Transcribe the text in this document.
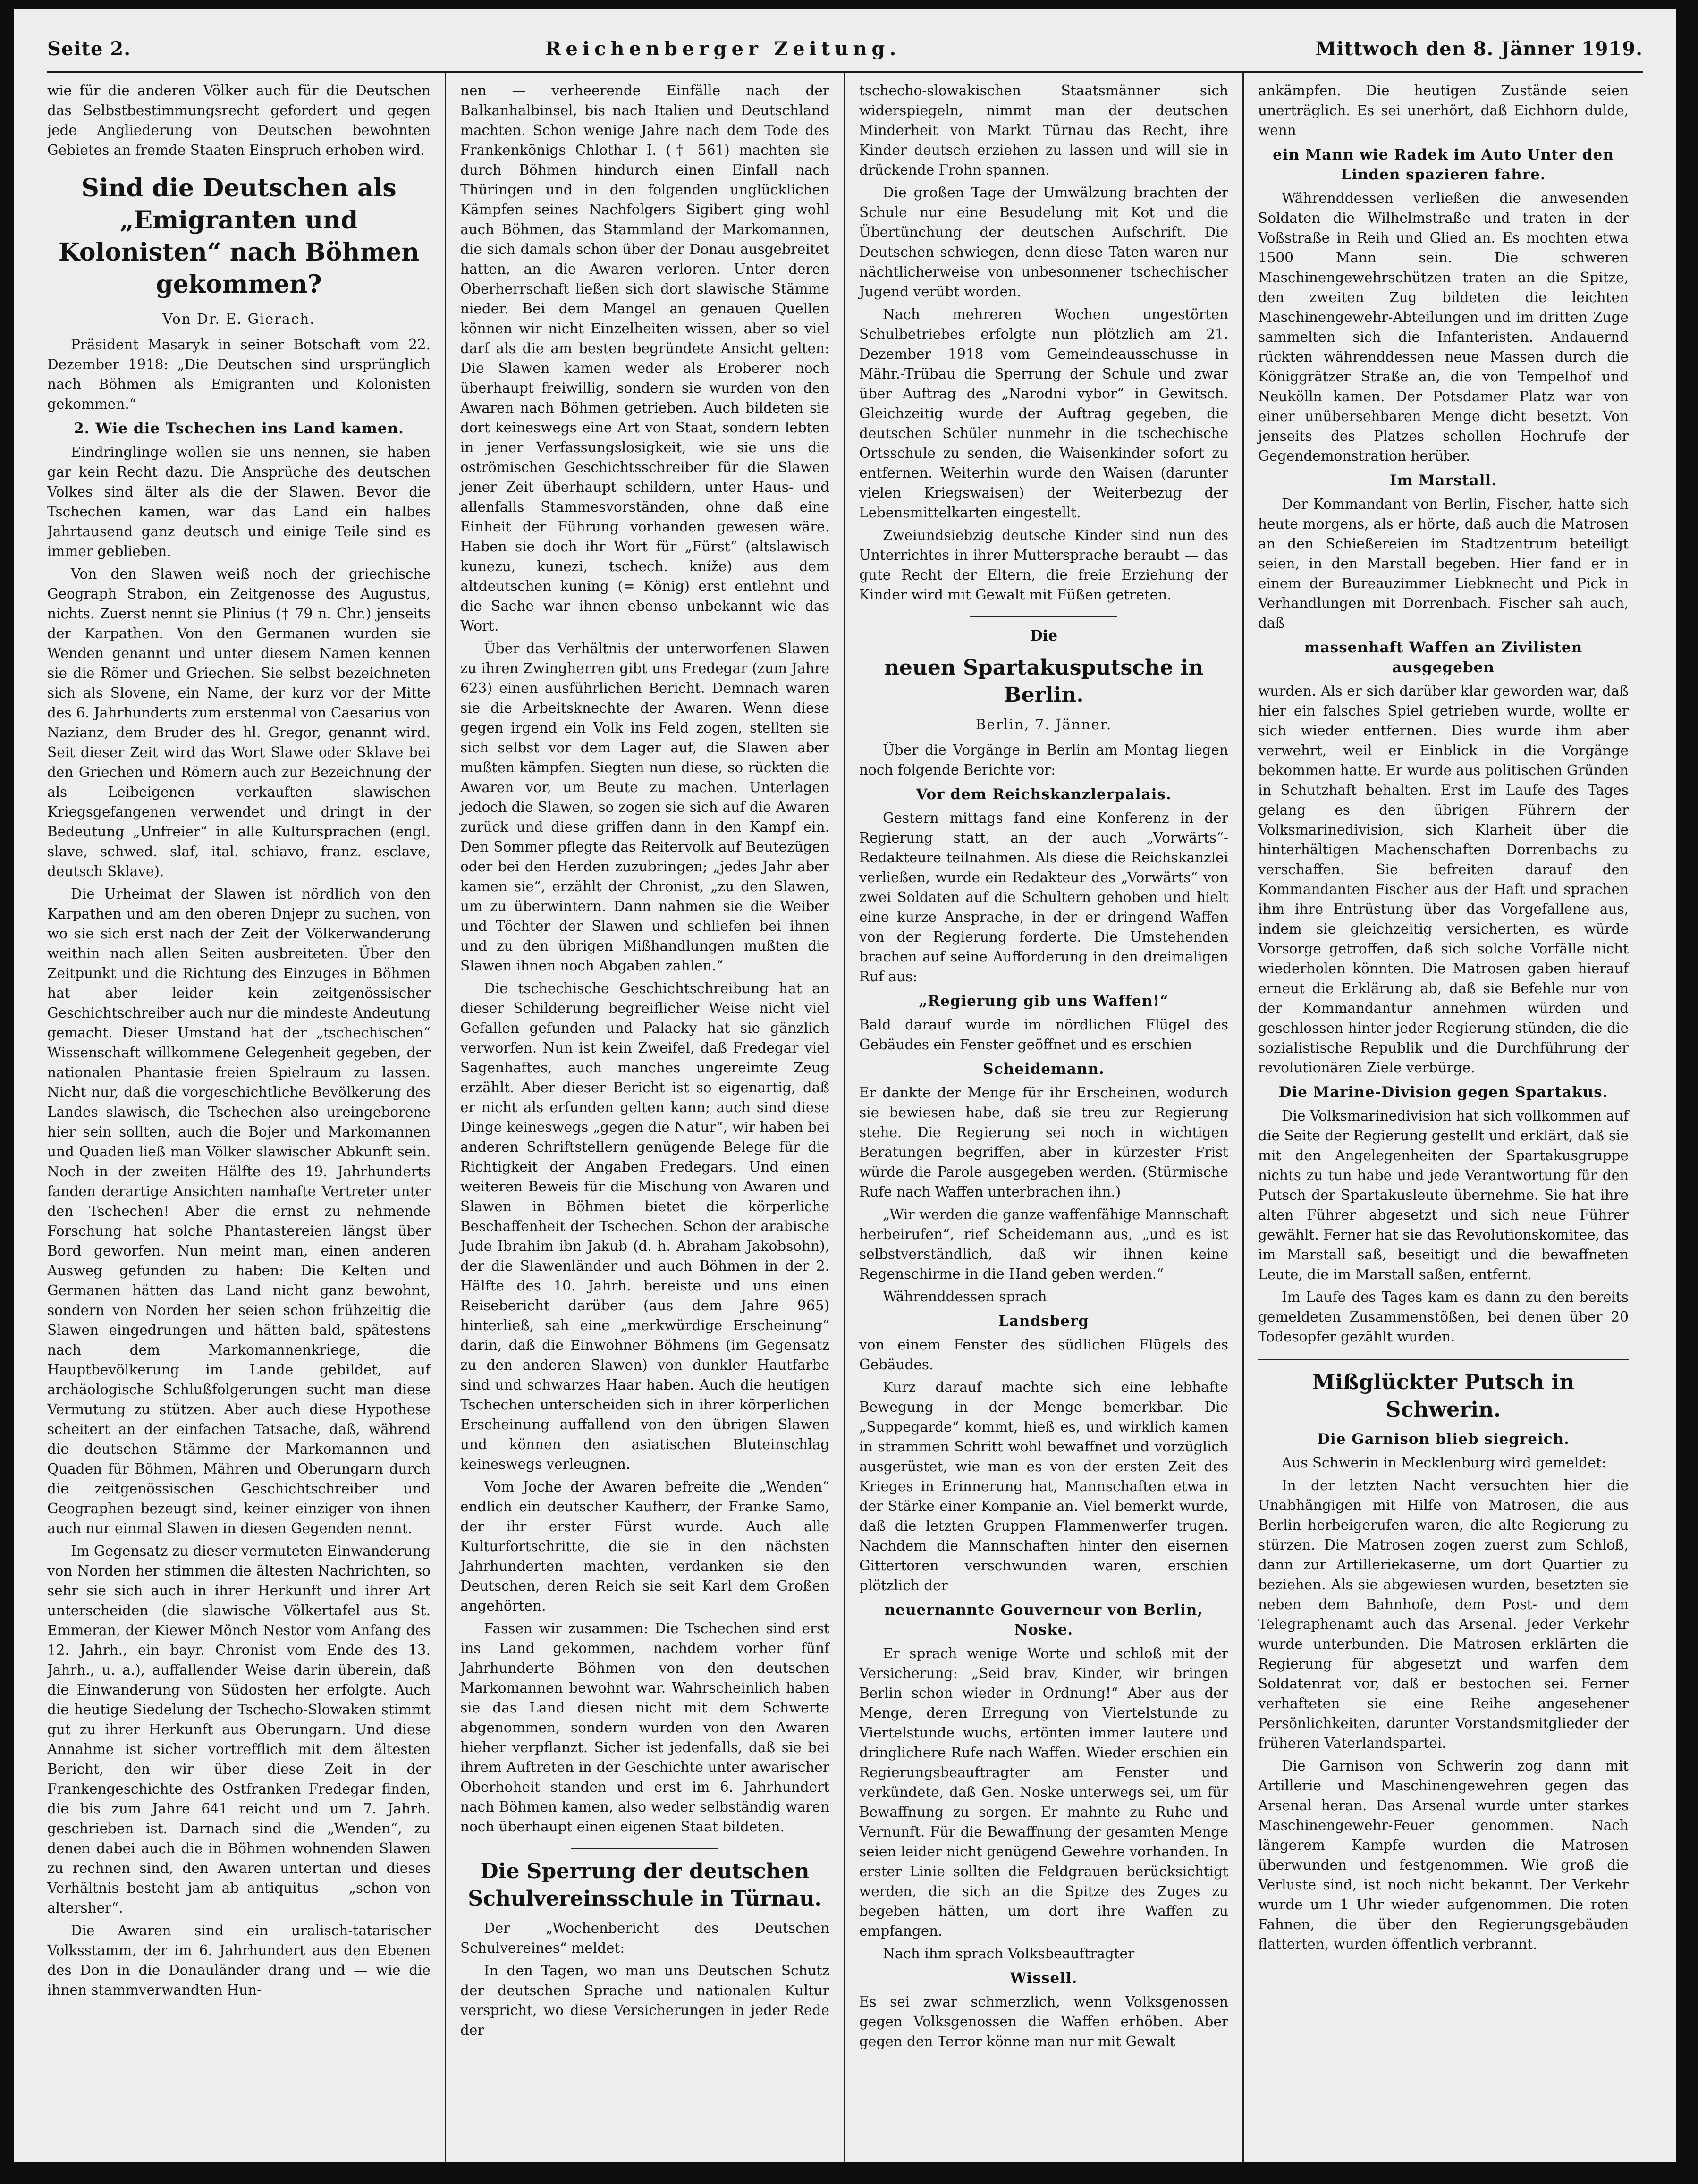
Seite 2.	Reichenberger Zeitung.	Mittwoch den 8. Jänner 1919.

wie für die anderen Völker auch für die Deutschen das Selbstbestimmungsrecht gefordert und gegen jede Angliederung von Deutschen bewohnten Gebietes an fremde Staaten Einspruch erhoben wird.

Sind die Deutschen als „Emigranten und Kolonisten“ nach Böhmen gekommen?
Von Dr. E. Gierach.

Präsident Masaryk in seiner Botschaft vom 22. Dezember 1918: „Die Deutschen sind ursprünglich nach Böhmen als Emigranten und Kolonisten gekommen.“

2. Wie die Tschechen ins Land kamen.

Eindringlinge wollen sie uns nennen, sie haben gar kein Recht dazu. Die Ansprüche des deutschen Volkes sind älter als die der Slawen. Bevor die Tschechen kamen, war das Land ein halbes Jahrtausend ganz deutsch und einige Teile sind es immer geblieben.

Von den Slawen weiß noch der griechische Geograph Strabon, ein Zeitgenosse des Augustus, nichts. Zuerst nennt sie Plinius († 79 n. Chr.) jenseits der Karpathen. Von den Germanen wurden sie Wenden genannt und unter diesem Namen kennen sie die Römer und Griechen. Sie selbst bezeichneten sich als Slovene, ein Name, der kurz vor der Mitte des 6. Jahrhunderts zum erstenmal von Caesarius von Nazianz, dem Bruder des hl. Gregor, genannt wird. Seit dieser Zeit wird das Wort Slawe oder Sklave bei den Griechen und Römern auch zur Bezeichnung der als Leibeigenen verkauften slawischen Kriegsgefangenen verwendet und dringt in der Bedeutung „Unfreier“ in alle Kultursprachen (engl. slave, schwed. slaf, ital. schiavo, franz. esclave, deutsch Sklave).

Die Urheimat der Slawen ist nördlich von den Karpathen und am den oberen Dnjepr zu suchen, von wo sie sich erst nach der Zeit der Völkerwanderung weithin nach allen Seiten ausbreiteten. Über den Zeitpunkt und die Richtung des Einzuges in Böhmen hat aber leider kein zeitgenössischer Geschichtschreiber auch nur die mindeste Andeutung gemacht. Dieser Umstand hat der „tschechischen“ Wissenschaft willkommene Gelegenheit gegeben, der nationalen Phantasie freien Spielraum zu lassen. Nicht nur, daß die vorgeschichtliche Bevölkerung des Landes slawisch, die Tschechen also ureingeborene hier sein sollten, auch die Bojer und Markomannen und Quaden ließ man Völker slawischer Abkunft sein. Noch in der zweiten Hälfte des 19. Jahrhunderts fanden derartige Ansichten namhafte Vertreter unter den Tschechen! Aber die ernst zu nehmende Forschung hat solche Phantastereien längst über Bord geworfen. Nun meint man, einen anderen Ausweg gefunden zu haben: Die Kelten und Germanen hätten das Land nicht ganz bewohnt, sondern von Norden her seien schon frühzeitig die Slawen eingedrungen und hätten bald, spätestens nach dem Markomannenkriege, die Hauptbevölkerung im Lande gebildet, auf archäologische Schlußfolgerungen sucht man diese Vermutung zu stützen. Aber auch diese Hypothese scheitert an der einfachen Tatsache, daß, während die deutschen Stämme der Markomannen und Quaden für Böhmen, Mähren und Oberungarn durch die zeitgenössischen Geschichtschreiber und Geographen bezeugt sind, keiner einziger von ihnen auch nur einmal Slawen in diesen Gegenden nennt.

Im Gegensatz zu dieser vermuteten Einwanderung von Norden her stimmen die ältesten Nachrichten, so sehr sie sich auch in ihrer Herkunft und ihrer Art unterscheiden (die slawische Völkertafel aus St. Emmeran, der Kiewer Mönch Nestor vom Anfang des 12. Jahrh., ein bayr. Chronist vom Ende des 13. Jahrh., u. a.), auffallender Weise darin überein, daß die Einwanderung von Südosten her erfolgte. Auch die heutige Siedelung der Tschecho-Slowaken stimmt gut zu ihrer Herkunft aus Oberungarn. Und diese Annahme ist sicher vortrefflich mit dem ältesten Bericht, den wir über diese Zeit in der Frankengeschichte des Ostfranken Fredegar finden, die bis zum Jahre 641 reicht und um 7. Jahrh. geschrieben ist. Darnach sind die „Wenden“, zu denen dabei auch die in Böhmen wohnenden Slawen zu rechnen sind, den Awaren untertan und dieses Verhältnis besteht jam ab antiquitus — „schon von altersher“.

Die Awaren sind ein uralisch-tatarischer Volksstamm, der im 6. Jahrhundert aus den Ebenen des Don in die Donauländer drang und — wie die ihnen stammverwandten Hun-

nen — verheerende Einfälle nach der Balkanhalbinsel, bis nach Italien und Deutschland machten. Schon wenige Jahre nach dem Tode des Frankenkönigs Chlothar I. († 561) machten sie durch Böhmen hindurch einen Einfall nach Thüringen und in den folgenden unglücklichen Kämpfen seines Nachfolgers Sigibert ging wohl auch Böhmen, das Stammland der Markomannen, die sich damals schon über der Donau ausgebreitet hatten, an die Awaren verloren. Unter deren Oberherrschaft ließen sich dort slawische Stämme nieder. Bei dem Mangel an genauen Quellen können wir nicht Einzelheiten wissen, aber so viel darf als die am besten begründete Ansicht gelten: Die Slawen kamen weder als Eroberer noch überhaupt freiwillig, sondern sie wurden von den Awaren nach Böhmen getrieben. Auch bildeten sie dort keineswegs eine Art von Staat, sondern lebten in jener Verfassungslosigkeit, wie sie uns die oströmischen Geschichtsschreiber für die Slawen jener Zeit überhaupt schildern, unter Haus- und allenfalls Stammesvorständen, ohne daß eine Einheit der Führung vorhanden gewesen wäre. Haben sie doch ihr Wort für „Fürst“ (altslawisch kunezu, kunezi, tschech. kníže) aus dem altdeutschen kuning (= König) erst entlehnt und die Sache war ihnen ebenso unbekannt wie das Wort.

Über das Verhältnis der unterworfenen Slawen zu ihren Zwingherren gibt uns Fredegar (zum Jahre 623) einen ausführlichen Bericht. Demnach waren sie die Arbeitsknechte der Awaren. Wenn diese gegen irgend ein Volk ins Feld zogen, stellten sie sich selbst vor dem Lager auf, die Slawen aber mußten kämpfen. Siegten nun diese, so rückten die Awaren vor, um Beute zu machen. Unterlagen jedoch die Slawen, so zogen sie sich auf die Awaren zurück und diese griffen dann in den Kampf ein. Den Sommer pflegte das Reitervolk auf Beutezügen oder bei den Herden zuzubringen; „jedes Jahr aber kamen sie“, erzählt der Chronist, „zu den Slawen, um zu überwintern. Dann nahmen sie die Weiber und Töchter der Slawen und schliefen bei ihnen und zu den übrigen Mißhandlungen mußten die Slawen ihnen noch Abgaben zahlen.“

Die tschechische Geschichtschreibung hat an dieser Schilderung begreiflicher Weise nicht viel Gefallen gefunden und Palacky hat sie gänzlich verworfen. Nun ist kein Zweifel, daß Fredegar viel Sagenhaftes, auch manches ungereimte Zeug erzählt. Aber dieser Bericht ist so eigenartig, daß er nicht als erfunden gelten kann; auch sind diese Dinge keineswegs „gegen die Natur“, wir haben bei anderen Schriftstellern genügende Belege für die Richtigkeit der Angaben Fredegars. Und einen weiteren Beweis für die Mischung von Awaren und Slawen in Böhmen bietet die körperliche Beschaffenheit der Tschechen. Schon der arabische Jude Ibrahim ibn Jakub (d. h. Abraham Jakobsohn), der die Slawenländer und auch Böhmen in der 2. Hälfte des 10. Jahrh. bereiste und uns einen Reisebericht darüber (aus dem Jahre 965) hinterließ, sah eine „merkwürdige Erscheinung“ darin, daß die Einwohner Böhmens (im Gegensatz zu den anderen Slawen) von dunkler Hautfarbe sind und schwarzes Haar haben. Auch die heutigen Tschechen unterscheiden sich in ihrer körperlichen Erscheinung auffallend von den übrigen Slawen und können den asiatischen Bluteinschlag keineswegs verleugnen.

Vom Joche der Awaren befreite die „Wenden“ endlich ein deutscher Kaufherr, der Franke Samo, der ihr erster Fürst wurde. Auch alle Kulturfortschritte, die sie in den nächsten Jahrhunderten machten, verdanken sie den Deutschen, deren Reich sie seit Karl dem Großen angehörten.

Fassen wir zusammen: Die Tschechen sind erst ins Land gekommen, nachdem vorher fünf Jahrhunderte Böhmen von den deutschen Markomannen bewohnt war. Wahrscheinlich haben sie das Land diesen nicht mit dem Schwerte abgenommen, sondern wurden von den Awaren hieher verpflanzt. Sicher ist jedenfalls, daß sie bei ihrem Auftreten in der Geschichte unter awarischer Oberhoheit standen und erst im 6. Jahrhundert nach Böhmen kamen, also weder selbständig waren noch überhaupt einen eigenen Staat bildeten.

Die Sperrung der deutschen Schulvereinsschule in Türnau.

Der „Wochenbericht des Deutschen Schulvereines“ meldet:

In den Tagen, wo man uns Deutschen Schutz der deutschen Sprache und nationalen Kultur verspricht, wo diese Versicherungen in jeder Rede der

tschecho-slowakischen Staatsmänner sich widerspiegeln, nimmt man der deutschen Minderheit von Markt Türnau das Recht, ihre Kinder deutsch erziehen zu lassen und will sie in drückende Frohn spannen.

Die großen Tage der Umwälzung brachten der Schule nur eine Besudelung mit Kot und die Übertünchung der deutschen Aufschrift. Die Deutschen schwiegen, denn diese Taten waren nur nächtlicherweise von unbesonnener tschechischer Jugend verübt worden.

Nach mehreren Wochen ungestörten Schulbetriebes erfolgte nun plötzlich am 21. Dezember 1918 vom Gemeindeausschusse in Mähr.-Trübau die Sperrung der Schule und zwar über Auftrag des „Narodni vybor“ in Gewitsch. Gleichzeitig wurde der Auftrag gegeben, die deutschen Schüler nunmehr in die tschechische Ortsschule zu senden, die Waisenkinder sofort zu entfernen. Weiterhin wurde den Waisen (darunter vielen Kriegswaisen) der Weiterbezug der Lebensmittelkarten eingestellt.

Zweiundsiebzig deutsche Kinder sind nun des Unterrichtes in ihrer Muttersprache beraubt — das gute Recht der Eltern, die freie Erziehung der Kinder wird mit Gewalt mit Füßen getreten.

Die
neuen Spartakusputsche in Berlin.
Berlin, 7. Jänner.

Über die Vorgänge in Berlin am Montag liegen noch folgende Berichte vor:

Vor dem Reichskanzlerpalais.

Gestern mittags fand eine Konferenz in der Regierung statt, an der auch „Vorwärts“-Redakteure teilnahmen. Als diese die Reichskanzlei verließen, wurde ein Redakteur des „Vorwärts“ von zwei Soldaten auf die Schultern gehoben und hielt eine kurze Ansprache, in der er dringend Waffen von der Regierung forderte. Die Umstehenden brachen auf seine Aufforderung in den dreimaligen Ruf aus:

„Regierung gib uns Waffen!“

Bald darauf wurde im nördlichen Flügel des Gebäudes ein Fenster geöffnet und es erschien

Scheidemann.

Er dankte der Menge für ihr Erscheinen, wodurch sie bewiesen habe, daß sie treu zur Regierung stehe. Die Regierung sei noch in wichtigen Beratungen begriffen, aber in kürzester Frist würde die Parole ausgegeben werden. (Stürmische Rufe nach Waffen unterbrachen ihn.)

„Wir werden die ganze waffenfähige Mannschaft herbeirufen“, rief Scheidemann aus, „und es ist selbstverständlich, daß wir ihnen keine Regenschirme in die Hand geben werden.“

Währenddessen sprach

Landsberg

von einem Fenster des südlichen Flügels des Gebäudes.

Kurz darauf machte sich eine lebhafte Bewegung in der Menge bemerkbar. Die „Suppegarde“ kommt, hieß es, und wirklich kamen in strammen Schritt wohl bewaffnet und vorzüglich ausgerüstet, wie man es von der ersten Zeit des Krieges in Erinnerung hat, Mannschaften etwa in der Stärke einer Kompanie an. Viel bemerkt wurde, daß die letzten Gruppen Flammenwerfer trugen. Nachdem die Mannschaften hinter den eisernen Gittertoren verschwunden waren, erschien plötzlich der

neuernannte Gouverneur von Berlin, Noske.

Er sprach wenige Worte und schloß mit der Versicherung: „Seid brav, Kinder, wir bringen Berlin schon wieder in Ordnung!“ Aber aus der Menge, deren Erregung von Viertelstunde zu Viertelstunde wuchs, ertönten immer lautere und dringlichere Rufe nach Waffen. Wieder erschien ein Regierungsbeauftragter am Fenster und verkündete, daß Gen. Noske unterwegs sei, um für Bewaffnung zu sorgen. Er mahnte zu Ruhe und Vernunft. Für die Bewaffnung der gesamten Menge seien leider nicht genügend Gewehre vorhanden. In erster Linie sollten die Feldgrauen berücksichtigt werden, die sich an die Spitze des Zuges zu begeben hätten, um dort ihre Waffen zu empfangen.

Nach ihm sprach Volksbeauftragter

Wissell.

Es sei zwar schmerzlich, wenn Volksgenossen gegen Volksgenossen die Waffen erhöben. Aber gegen den Terror könne man nur mit Gewalt

ankämpfen. Die heutigen Zustände seien unerträglich. Es sei unerhört, daß Eichhorn dulde, wenn

ein Mann wie Radek im Auto Unter den Linden spazieren fahre.

Währenddessen verließen die anwesenden Soldaten die Wilhelmstraße und traten in der Voßstraße in Reih und Glied an. Es mochten etwa 1500 Mann sein. Die schweren Maschinengewehrschützen traten an die Spitze, den zweiten Zug bildeten die leichten Maschinengewehr-Abteilungen und im dritten Zuge sammelten sich die Infanteristen. Andauernd rückten währenddessen neue Massen durch die Königgrätzer Straße an, die von Tempelhof und Neukölln kamen. Der Potsdamer Platz war von einer unübersehbaren Menge dicht besetzt. Von jenseits des Platzes schollen Hochrufe der Gegendemonstration herüber.

Im Marstall.

Der Kommandant von Berlin, Fischer, hatte sich heute morgens, als er hörte, daß auch die Matrosen an den Schießereien im Stadtzentrum beteiligt seien, in den Marstall begeben. Hier fand er in einem der Bureauzimmer Liebknecht und Pick in Verhandlungen mit Dorrenbach. Fischer sah auch, daß

massenhaft Waffen an Zivilisten ausgegeben

wurden. Als er sich darüber klar geworden war, daß hier ein falsches Spiel getrieben wurde, wollte er sich wieder entfernen. Dies wurde ihm aber verwehrt, weil er Einblick in die Vorgänge bekommen hatte. Er wurde aus politischen Gründen in Schutzhaft behalten. Erst im Laufe des Tages gelang es den übrigen Führern der Volksmarinedivision, sich Klarheit über die hinterhältigen Machenschaften Dorrenbachs zu verschaffen. Sie befreiten darauf den Kommandanten Fischer aus der Haft und sprachen ihm ihre Entrüstung über das Vorgefallene aus, indem sie gleichzeitig versicherten, es würde Vorsorge getroffen, daß sich solche Vorfälle nicht wiederholen könnten. Die Matrosen gaben hierauf erneut die Erklärung ab, daß sie Befehle nur von der Kommandantur annehmen würden und geschlossen hinter jeder Regierung stünden, die die sozialistische Republik und die Durchführung der revolutionären Ziele verbürge.

Die Marine-Division gegen Spartakus.

Die Volksmarinedivision hat sich vollkommen auf die Seite der Regierung gestellt und erklärt, daß sie mit den Angelegenheiten der Spartakusgruppe nichts zu tun habe und jede Verantwortung für den Putsch der Spartakusleute übernehme. Sie hat ihre alten Führer abgesetzt und sich neue Führer gewählt. Ferner hat sie das Revolutionskomitee, das im Marstall saß, beseitigt und die bewaffneten Leute, die im Marstall saßen, entfernt.

Im Laufe des Tages kam es dann zu den bereits gemeldeten Zusammenstößen, bei denen über 20 Todesopfer gezählt wurden.

Mißglückter Putsch in Schwerin.
Die Garnison blieb siegreich.

Aus Schwerin in Mecklenburg wird gemeldet:

In der letzten Nacht versuchten hier die Unabhängigen mit Hilfe von Matrosen, die aus Berlin herbeigerufen waren, die alte Regierung zu stürzen. Die Matrosen zogen zuerst zum Schloß, dann zur Artilleriekaserne, um dort Quartier zu beziehen. Als sie abgewiesen wurden, besetzten sie neben dem Bahnhofe, dem Post- und dem Telegraphenamt auch das Arsenal. Jeder Verkehr wurde unterbunden. Die Matrosen erklärten die Regierung für abgesetzt und warfen dem Soldatenrat vor, daß er bestochen sei. Ferner verhafteten sie eine Reihe angesehener Persönlichkeiten, darunter Vorstandsmitglieder der früheren Vaterlandspartei.

Die Garnison von Schwerin zog dann mit Artillerie und Maschinengewehren gegen das Arsenal heran. Das Arsenal wurde unter starkes Maschinengewehr-Feuer genommen. Nach längerem Kampfe wurden die Matrosen überwunden und festgenommen. Wie groß die Verluste sind, ist noch nicht bekannt. Der Verkehr wurde um 1 Uhr wieder aufgenommen. Die roten Fahnen, die über den Regierungsgebäuden flatterten, wurden öffentlich verbrannt.
